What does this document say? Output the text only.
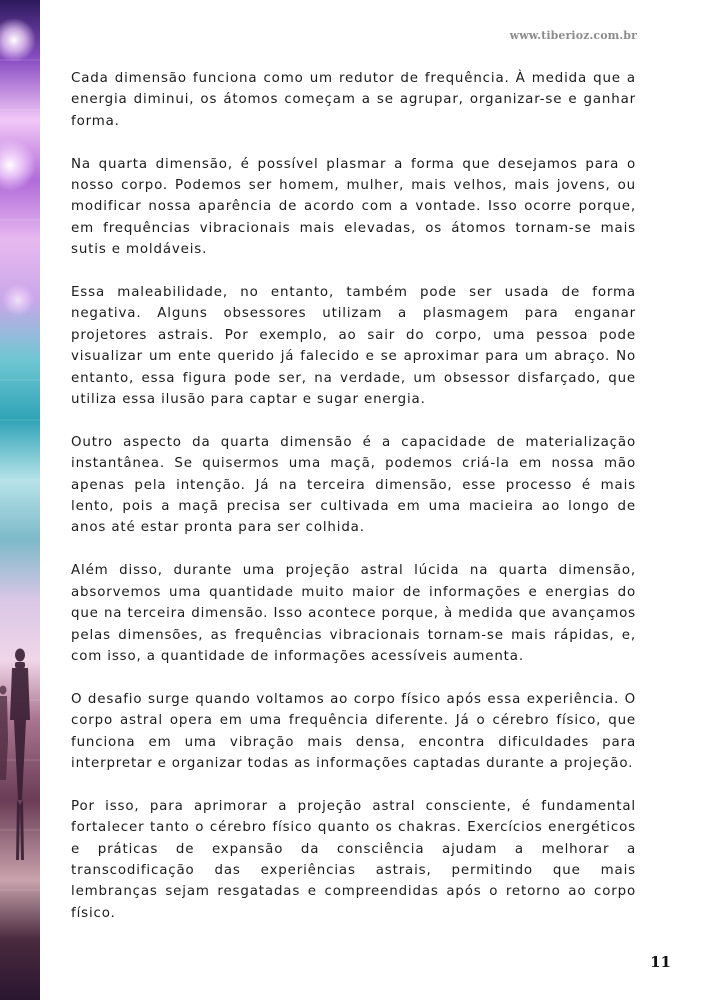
www.tiberioz.com.br

Cada dimensão funciona como um redutor de frequência. À medida que a energia diminui, os átomos começam a se agrupar, organizar-se e ganhar forma.

Na quarta dimensão, é possível plasmar a forma que desejamos para o nosso corpo. Podemos ser homem, mulher, mais velhos, mais jovens, ou modificar nossa aparência de acordo com a vontade. Isso ocorre porque, em frequências vibracionais mais elevadas, os átomos tornam-se mais sutis e moldáveis.

Essa maleabilidade, no entanto, também pode ser usada de forma negativa. Alguns obsessores utilizam a plasmagem para enganar projetores astrais. Por exemplo, ao sair do corpo, uma pessoa pode visualizar um ente querido já falecido e se aproximar para um abraço. No entanto, essa figura pode ser, na verdade, um obsessor disfarçado, que utiliza essa ilusão para captar e sugar energia.

Outro aspecto da quarta dimensão é a capacidade de materialização instantânea. Se quisermos uma maçã, podemos criá-la em nossa mão apenas pela intenção. Já na terceira dimensão, esse processo é mais lento, pois a maçã precisa ser cultivada em uma macieira ao longo de anos até estar pronta para ser colhida.

Além disso, durante uma projeção astral lúcida na quarta dimensão, absorvemos uma quantidade muito maior de informações e energias do que na terceira dimensão. Isso acontece porque, à medida que avançamos pelas dimensões, as frequências vibracionais tornam-se mais rápidas, e, com isso, a quantidade de informações acessíveis aumenta.

O desafio surge quando voltamos ao corpo físico após essa experiência. O corpo astral opera em uma frequência diferente. Já o cérebro físico, que funciona em uma vibração mais densa, encontra dificuldades para interpretar e organizar todas as informações captadas durante a projeção.

Por isso, para aprimorar a projeção astral consciente, é fundamental fortalecer tanto o cérebro físico quanto os chakras. Exercícios energéticos e práticas de expansão da consciência ajudam a melhorar a transcodificação das experiências astrais, permitindo que mais lembranças sejam resgatadas e compreendidas após o retorno ao corpo físico.

11
